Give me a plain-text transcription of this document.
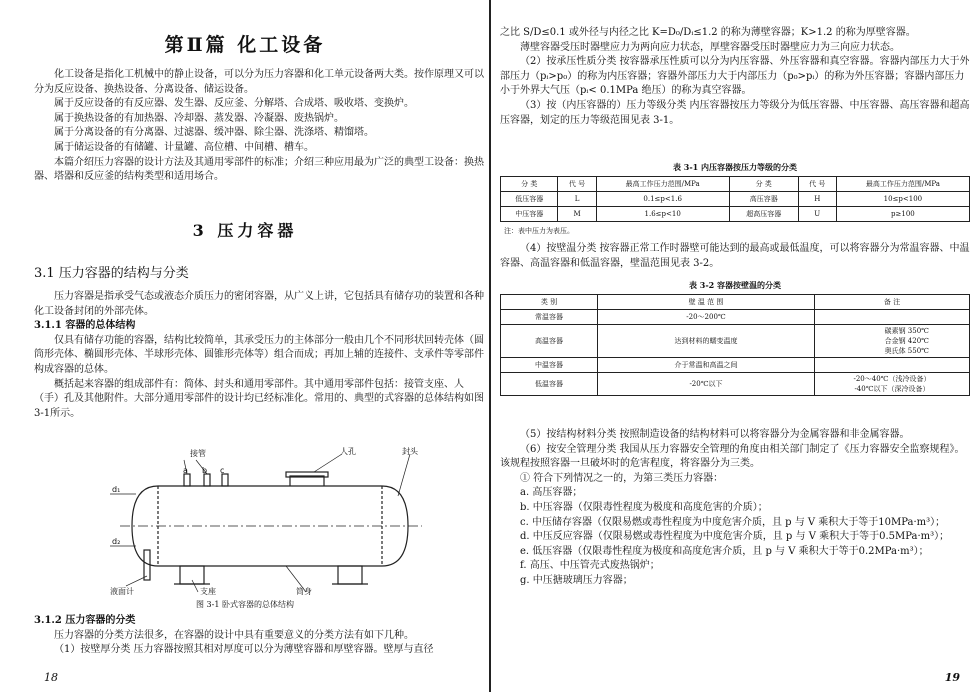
第Ⅱ篇 化工设备

化工设备是指化工机械中的静止设备，可以分为压力容器和化工单元设备两大类。按作原理又可以分为反应设备、换热设备、分离设备、储运设备。

属于反应设备的有反应器、发生器、反应釜、分解塔、合成塔、吸收塔、变换炉。

属于换热设备的有加热器、冷却器、蒸发器、冷凝器、废热锅炉。

属于分离设备的有分离器、过滤器、缓冲器、除尘器、洗涤塔、精馏塔。

属于储运设备的有储罐、计量罐、高位槽、中间槽、槽车。

本篇介绍压力容器的设计方法及其通用零部件的标准；介绍三种应用最为广泛的典型工设备：换热器、塔器和反应釜的结构类型和适用场合。

3 压力容器
3.1 压力容器的结构与分类

压力容器是指承受气态或液态介质压力的密闭容器，从广义上讲，它包括具有储存功的装置和各种化工设备封闭的外部壳体。

3.1.1 容器的总体结构

仅具有储存功能的容器，结构比较简单，其承受压力的主体部分一般由几个不同形状回转壳体（圆筒形壳体、椭圆形壳体、半球形壳体、圆锥形壳体等）组合而成；再加上辅的连接件、支承件等零部件构成容器的总体。

概括起来容器的组成部件有：简体、封头和通用零部件。其中通用零部件包括：接管支座、人（手）孔及其他附件。大部分通用零部件的设计均已经标准化。常用的、典型的式容器的总体结构如图3-1所示。

接管
a b c
人孔	封头
d₁
d₂
液面计	支座	筒身

图 3-1 卧式容器的总体结构

3.1.2 压力容器的分类

压力容器的分类方法很多，在容器的设计中具有重要意义的分类方法有如下几种。

（1）按壁厚分类 压力容器按照其相对厚度可以分为薄壁容器和厚壁容器。壁厚与直径

18

之比 S/D≤0.1 或外径与内径之比 K=D₀/Dᵢ≤1.2 的称为薄壁容器；K>1.2 的称为厚壁容器。

薄壁容器受压时器壁应力为两向应力状态，厚壁容器受压时器壁应力为三向应力状态。

（2）按承压性质分类 按容器承压性质可以分为内压容器、外压容器和真空容器。容器内部压力大于外部压力（pᵢ>p₀）的称为内压容器；容器外部压力大于内部压力（p₀>pᵢ）的称为外压容器；容器内部压力小于外界大气压（pᵢ< 0.1MPa 绝压）的称为真空容器。

（3）按（内压容器的）压力等级分类 内压容器按压力等级分为低压容器、中压容器、高压容器和超高压容器，划定的压力等级范围见表 3-1。

表 3-1 内压容器按压力等级的分类
分 类	代 号	最高工作压力范围/MPa	分 类	代 号	最高工作压力范围/MPa
低压容器	L	0.1≤p<1.6	高压容器	H	10≤p<100
中压容器	M	1.6≤p<10	超高压容器	U	p≥100
注：表中压力为表压。

（4）按壁温分类 按容器正常工作时器壁可能达到的最高或最低温度，可以将容器分为常温容器、中温容器、高温容器和低温容器，壁温范围见表 3-2。

表 3-2 容器按壁温的分类
类 别	壁 温 范 围	备 注
常温容器	-20～200℃	
高温容器	达到材料的蠕变温度	碳素钢 350℃
合金钢 420℃
奥氏体 550℃

中温容器	介于常温和高温之间	
低温容器	-20℃以下	-20～40℃（浅冷设备）
-40℃以下（深冷设备）

（5）按结构材料分类 按照制造设备的结构材料可以将容器分为金属容器和非金属容器。

（6）按安全管理分类 我国从压力容器安全管理的角度由相关部门制定了《压力容器安全监察规程》。该规程按照容器一旦破坏时的危害程度，将容器分为三类。

① 符合下列情况之一的，为第三类压力容器：

a. 高压容器；

b. 中压容器（仅限毒性程度为极度和高度危害的介质）；

c. 中压储存容器（仅限易燃或毒性程度为中度危害介质，且 p 与 V 乘积大于等于10MPa·m³）；

d. 中压反应容器（仅限易燃或毒性程度为中度危害介质，且 p 与 V 乘积大于等于0.5MPa·m³）；

e. 低压容器（仅限毒性程度为极度和高度危害介质，且 p 与 V 乘积大于等于0.2MPa·m³）；

f. 高压、中压管壳式废热锅炉；

g. 中压搪玻璃压力容器；

19
